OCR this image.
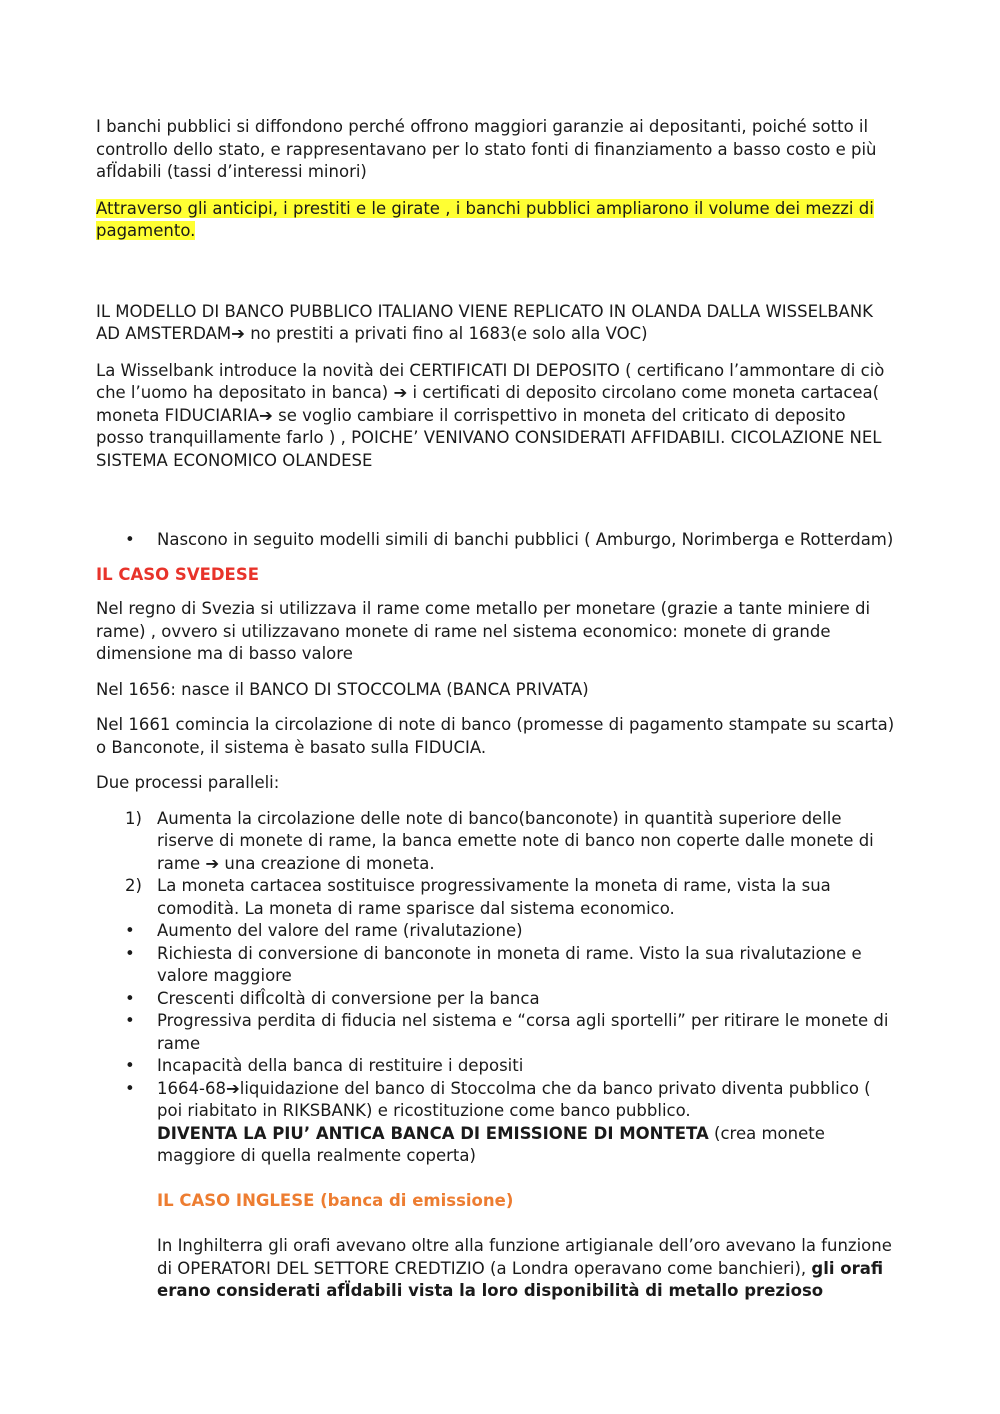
I banchi pubblici si diffondono perché offrono maggiori garanzie ai depositanti, poiché sotto il controllo dello stato, e rappresentavano per lo stato fonti di finanziamento a basso costo e più afÏdabili (tassi d’interessi minori)

Attraverso gli anticipi, i prestiti e le girate , i banchi pubblici ampliarono il volume dei mezzi di pagamento.

IL MODELLO DI BANCO PUBBLICO ITALIANO VIENE REPLICATO IN OLANDA DALLA WISSELBANK AD AMSTERDAM➔ no prestiti a privati fino al 1683(e solo alla VOC)

La Wisselbank introduce la novità dei CERTIFICATI DI DEPOSITO ( certificano l’ammontare di ciò che l’uomo ha depositato in banca) ➔ i certificati di deposito circolano come moneta cartacea( moneta FIDUCIARIA➔ se voglio cambiare il corrispettivo in moneta del criticato di deposito posso tranquillamente farlo ) , POICHE’ VENIVANO CONSIDERATI AFFIDABILI. CICOLAZIONE NEL SISTEMA ECONOMICO OLANDESE

• Nascono in seguito modelli simili di banchi pubblici ( Amburgo, Norimberga e Rotterdam)

IL CASO SVEDESE

Nel regno di Svezia si utilizzava il rame come metallo per monetare (grazie a tante miniere di rame) , ovvero si utilizzavano monete di rame nel sistema economico: monete di grande dimensione ma di basso valore

Nel 1656: nasce il BANCO DI STOCCOLMA (BANCA PRIVATA)

Nel 1661 comincia la circolazione di note di banco (promesse di pagamento stampate su scarta) o Banconote, il sistema è basato sulla FIDUCIA.

Due processi paralleli:

1) Aumenta la circolazione delle note di banco(banconote) in quantità superiore delle riserve di monete di rame, la banca emette note di banco non coperte dalle monete di rame ➔ una creazione di moneta.
2) La moneta cartacea sostituisce progressivamente la moneta di rame, vista la sua comodità. La moneta di rame sparisce dal sistema economico.
• Aumento del valore del rame (rivalutazione)
• Richiesta di conversione di banconote in moneta di rame. Visto la sua rivalutazione e valore maggiore
• Crescenti difÎcoltà di conversione per la banca
• Progressiva perdita di fiducia nel sistema e “corsa agli sportelli” per ritirare le monete di rame
• Incapacità della banca di restituire i depositi
• 1664-68➔liquidazione del banco di Stoccolma che da banco privato diventa pubblico ( poi riabitato in RIKSBANK) e ricostituzione come banco pubblico.
DIVENTA LA PIU’ ANTICA BANCA DI EMISSIONE DI MONTETA (crea monete maggiore di quella realmente coperta)

IL CASO INGLESE (banca di emissione)

In Inghilterra gli orafi avevano oltre alla funzione artigianale dell’oro avevano la funzione di OPERATORI DEL SETTORE CREDTIZIO (a Londra operavano come banchieri), gli orafi erano considerati afÏdabili vista la loro disponibilità di metallo prezioso
